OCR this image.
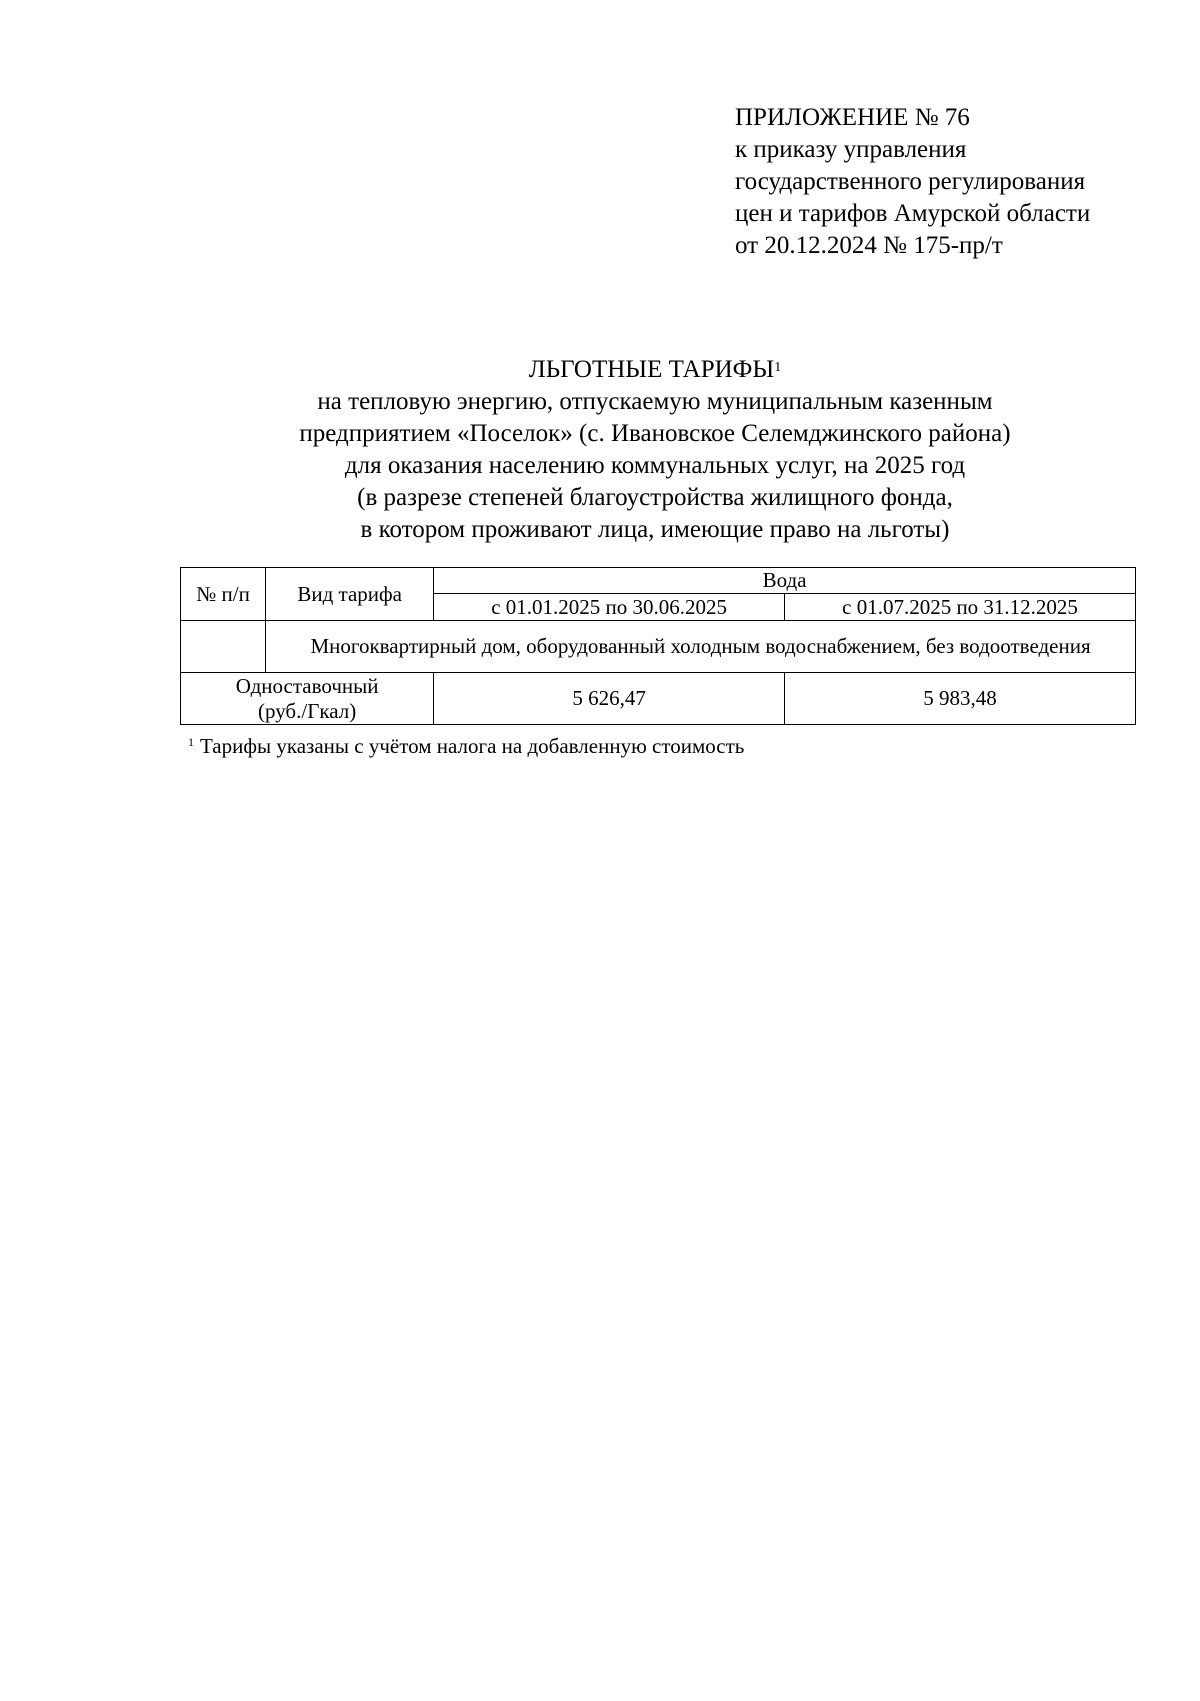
ПРИЛОЖЕНИЕ № 76
к приказу управления
государственного регулирования
цен и тарифов Амурской области
от 20.12.2024 № 175-пр/т
ЛЬГОТНЫЕ ТАРИФЫ$^1$
на тепловую энергию, отпускаемую муниципальным казенным
предприятием «Поселок» (с. Ивановское Селемджинского района)
для оказания населению коммунальных услуг, на 2025 год
(в разрезе степеней благоустройства жилищного фонда,
в котором проживают лица, имеющие право на льготы)
№ п/п	Вид тарифа	Вода	
		с 01.01.2025 по 30.06.2025	с 01.07.2025 по 31.12.2025
	Многоквартирный дом, оборудованный холодным водоснабжением, без водоотведения		

Одноставочный
(руб./Гкал)		5 626,47	5 983,48
$^1$ Тарифы указаны с учётом налога на добавленную стоимость
